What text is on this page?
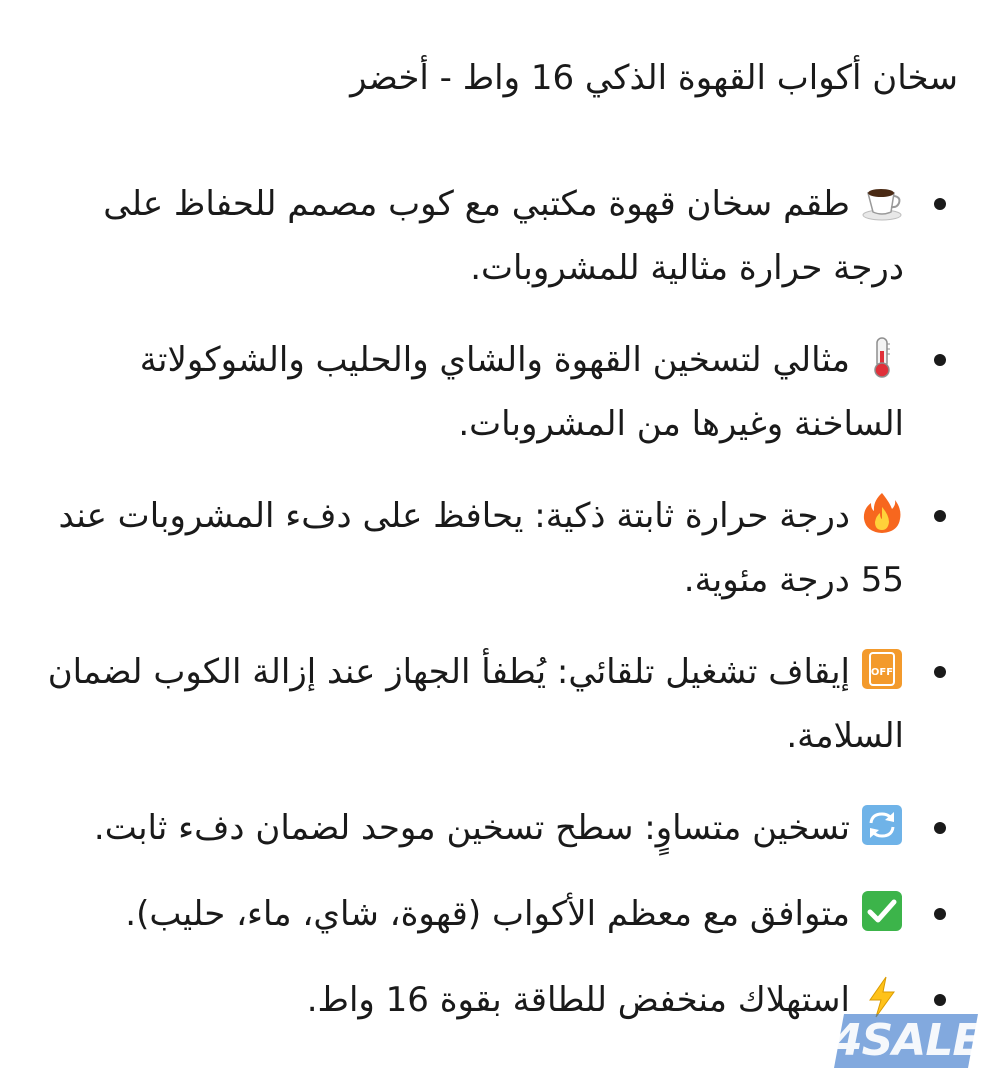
سخان أكواب القهوة الذكي 16 واط - أخضر
طقم سخان قهوة مكتبي مع كوب مصمم للحفاظ على درجة حرارة مثالية للمشروبات.
مثالي لتسخين القهوة والشاي والحليب والشوكولاتة الساخنة وغيرها من المشروبات.
درجة حرارة ثابتة ذكية: يحافظ على دفء المشروبات عند 55 درجة مئوية.
OFF
إيقاف تشغيل تلقائي: يُطفأ الجهاز عند إزالة الكوب لضمان السلامة.
تسخين متساوٍ: سطح تسخين موحد لضمان دفء ثابت.
متوافق مع معظم الأكواب (قهوة، شاي، ماء، حليب).
استهلاك منخفض للطاقة بقوة 16 واط.
4SALE
